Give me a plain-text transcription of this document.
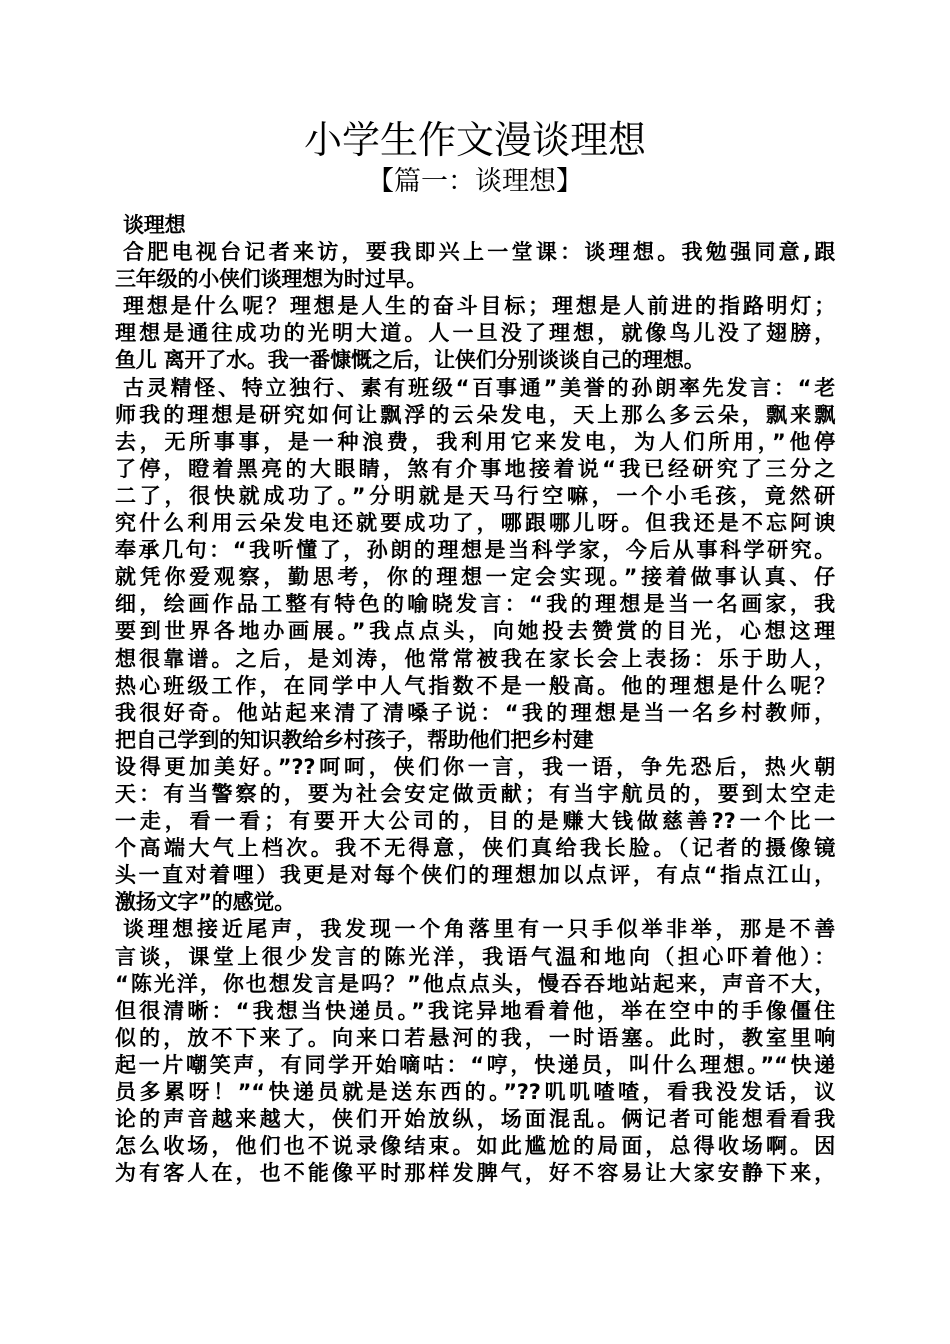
小学生作文漫谈理想
【篇一：谈理想】
谈理想
合肥电视台记者来访，要我即兴上一堂课：谈理想。我勉强同意,跟
三年级的小侠们谈理想为时过早。
理想是什么呢？理想是人生的奋斗目标；理想是人前进的指路明灯；
理想是通往成功的光明大道。人一旦没了理想，就像鸟儿没了翅膀，
鱼儿 离开了水。我一番慷慨之后，让侠们分别谈谈自己的理想。
古灵精怪、特立独行、素有班级“百事通”美誉的孙朗率先发言：“老
师我的理想是研究如何让飘浮的云朵发电，天上那么多云朵，飘来飘
去，无所事事，是一种浪费，我利用它来发电，为人们所用，”他停
了停，瞪着黑亮的大眼睛，煞有介事地接着说“我已经研究了三分之
二了，很快就成功了。”分明就是天马行空嘛，一个小毛孩，竟然研
究什么利用云朵发电还就要成功了，哪跟哪儿呀。但我还是不忘阿谀
奉承几句：“我听懂了，孙朗的理想是当科学家，今后从事科学研究。
就凭你爱观察，勤思考，你的理想一定会实现。”接着做事认真、仔
细，绘画作品工整有特色的喻晓发言：“我的理想是当一名画家，我
要到世界各地办画展。”我点点头，向她投去赞赏的目光，心想这理
想很靠谱。之后，是刘涛，他常常被我在家长会上表扬：乐于助人，
热心班级工作，在同学中人气指数不是一般高。他的理想是什么呢？
我很好奇。他站起来清了清嗓子说：“我的理想是当一名乡村教师，
把自己学到的知识教给乡村孩子，帮助他们把乡村建
设得更加美好。”??呵呵，侠们你一言，我一语，争先恐后，热火朝
天：有当警察的，要为社会安定做贡献；有当宇航员的，要到太空走
一走，看一看；有要开大公司的，目的是赚大钱做慈善??一个比一
个高端大气上档次。我不无得意，侠们真给我长脸。（记者的摄像镜
头一直对着哩）我更是对每个侠们的理想加以点评，有点“指点江山，
激扬文字”的感觉。
谈理想接近尾声，我发现一个角落里有一只手似举非举，那是不善
言谈，课堂上很少发言的陈光洋，我语气温和地向（担心吓着他）：
“陈光洋，你也想发言是吗？”他点点头，慢吞吞地站起来，声音不大，
但很清晰：“我想当快递员。”我诧异地看着他，举在空中的手像僵住
似的，放不下来了。向来口若悬河的我，一时语塞。此时，教室里响
起一片嘲笑声，有同学开始嘀咕：“哼，快递员，叫什么理想。”“快递
员多累呀！”“快递员就是送东西的。”??叽叽喳喳，看我没发话，议
论的声音越来越大，侠们开始放纵，场面混乱。俩记者可能想看看我
怎么收场，他们也不说录像结束。如此尴尬的局面，总得收场啊。因
为有客人在，也不能像平时那样发脾气，好不容易让大家安静下来，
